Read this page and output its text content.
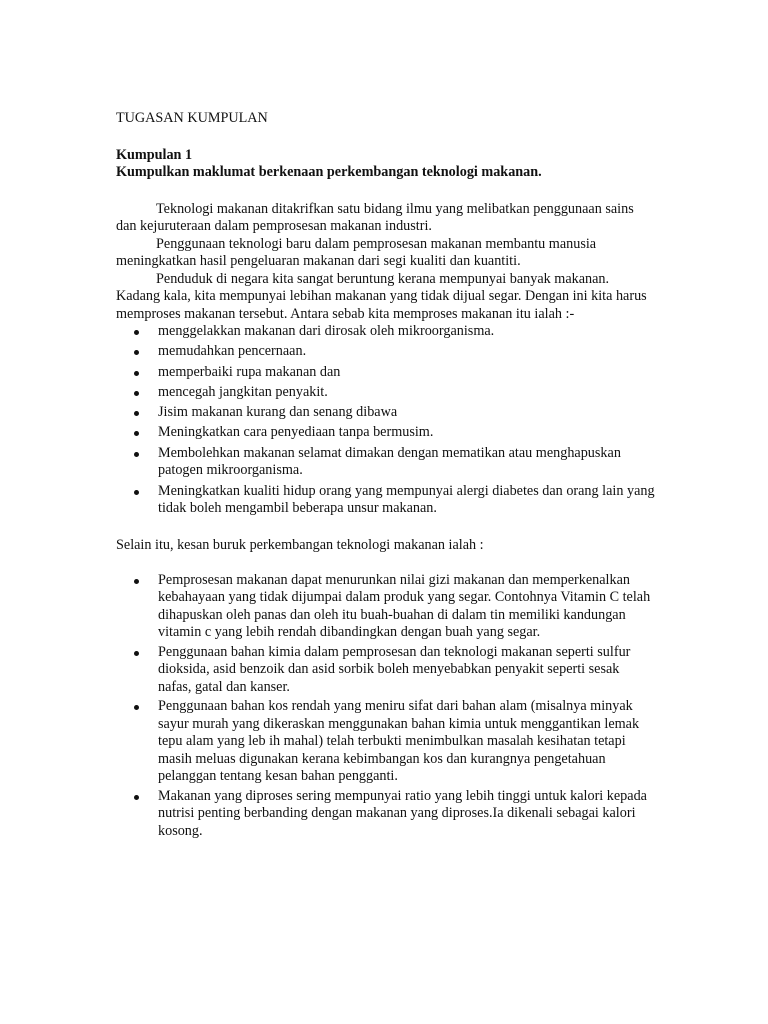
TUGASAN KUMPULAN

Kumpulan 1

Kumpulkan maklumat berkenaan perkembangan teknologi makanan.

Teknologi makanan ditakrifkan satu bidang ilmu yang melibatkan penggunaan sains dan kejuruteraan dalam pemprosesan makanan industri.

Penggunaan teknologi baru dalam pemprosesan makanan membantu manusia meningkatkan hasil pengeluaran makanan dari segi kualiti dan kuantiti.

Penduduk di negara kita sangat beruntung kerana mempunyai banyak makanan. Kadang kala, kita mempunyai lebihan makanan yang tidak dijual segar. Dengan ini kita harus memproses makanan tersebut. Antara sebab kita memproses makanan itu ialah :-

menggelakkan makanan dari dirosak oleh mikroorganisma.
memudahkan pencernaan.
memperbaiki rupa makanan dan
mencegah jangkitan penyakit.
Jisim makanan kurang dan senang dibawa
Meningkatkan cara penyediaan tanpa bermusim.
Membolehkan makanan selamat dimakan dengan mematikan atau menghapuskan patogen mikroorganisma.
Meningkatkan kualiti hidup orang yang mempunyai alergi diabetes dan orang lain yang tidak boleh mengambil beberapa unsur makanan.

Selain itu, kesan buruk perkembangan teknologi makanan ialah :

Pemprosesan makanan dapat menurunkan nilai gizi makanan dan memperkenalkan kebahayaan yang tidak dijumpai dalam produk yang segar. Contohnya Vitamin C telah dihapuskan oleh panas dan oleh itu buah-buahan di dalam tin memiliki kandungan vitamin c yang lebih rendah dibandingkan dengan buah yang segar.
Penggunaan bahan kimia dalam pemprosesan dan teknologi makanan seperti sulfur dioksida, asid benzoik dan asid sorbik boleh menyebabkan penyakit seperti sesak nafas, gatal dan kanser.
Penggunaan bahan kos rendah yang meniru sifat dari bahan alam (misalnya minyak sayur murah yang dikeraskan menggunakan bahan kimia untuk menggantikan lemak tepu alam yang leb ih mahal) telah terbukti menimbulkan masalah kesihatan tetapi masih meluas digunakan kerana kebimbangan kos dan kurangnya pengetahuan pelanggan tentang kesan bahan pengganti.
Makanan yang diproses sering mempunyai ratio yang lebih tinggi untuk kalori kepada nutrisi penting berbanding dengan makanan yang diproses.Ia dikenali sebagai kalori kosong.
